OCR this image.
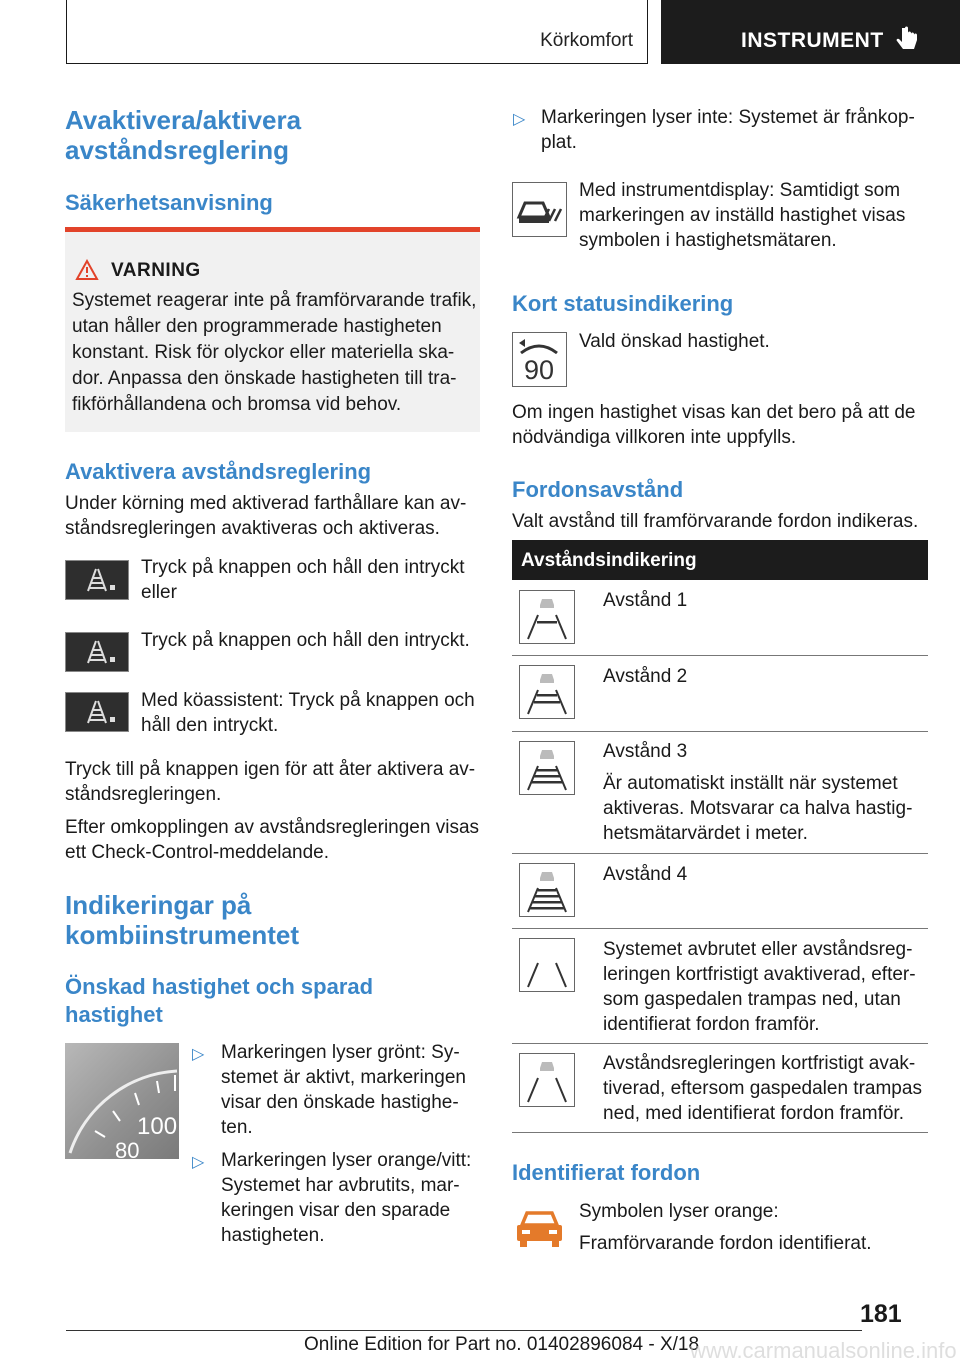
Körkomfort	INSTRUMENT
Avaktivera/aktivera
avståndsreglering
Säkerhetsanvisning
VARNING
Systemet reagerar inte på framförvarande trafik,
utan håller den programmerade hastigheten
konstant. Risk för olyckor eller materiella ska-
dor. Anpassa den önskade hastigheten till tra-
fikförhållandena och bromsa vid behov.
Avaktivera avståndsreglering
Under körning med aktiverad farthållare kan av-
ståndsregleringen avaktiveras och aktiveras.
Tryck på knappen och håll den intryckt
eller
Tryck på knappen och håll den intryckt.
Med köassistent: Tryck på knappen och
håll den intryckt.
Tryck till på knappen igen för att åter aktivera av-
ståndsregleringen.
Efter omkopplingen av avståndsregleringen visas
ett Check-Control-meddelande.
Indikeringar på
kombiinstrumentet
Önskad hastighet och sparad
hastighet
100
80
▷ Markeringen lyser grönt: Sy-
stemet är aktivt, markeringen
visar den önskade hastighe-
ten.
▷ Markeringen lyser orange/vitt:
Systemet har avbrutits, mar-
keringen visar den sparade
hastigheten.
▷ Markeringen lyser inte: Systemet är frånkop-
plat.
Med instrumentdisplay: Samtidigt som
markeringen av inställd hastighet visas
symbolen i hastighetsmätaren.
Kort statusindikering
90
Vald önskad hastighet.
Om ingen hastighet visas kan det bero på att de
nödvändiga villkoren inte uppfylls.
Fordonsavstånd
Valt avstånd till framförvarande fordon indikeras.
Avståndsindikering
Avstånd 1
Avstånd 2
Avstånd 3
Är automatiskt inställt när systemet
aktiveras. Motsvarar ca halva hastig-
hetsmätarvärdet i meter.
Avstånd 4
Systemet avbrutet eller avståndsreg-
leringen kortfristigt avaktiverad, efter-
som gaspedalen trampas ned, utan
identifierat fordon framför.
Avståndsregleringen kortfristigt avak-
tiverad, eftersom gaspedalen trampas
ned, med identifierat fordon framför.
Identifierat fordon
Symbolen lyser orange:
Framförvarande fordon identifierat.
181
Online Edition for Part no. 01402896084 - X/18
www.carmanualsonline.info
